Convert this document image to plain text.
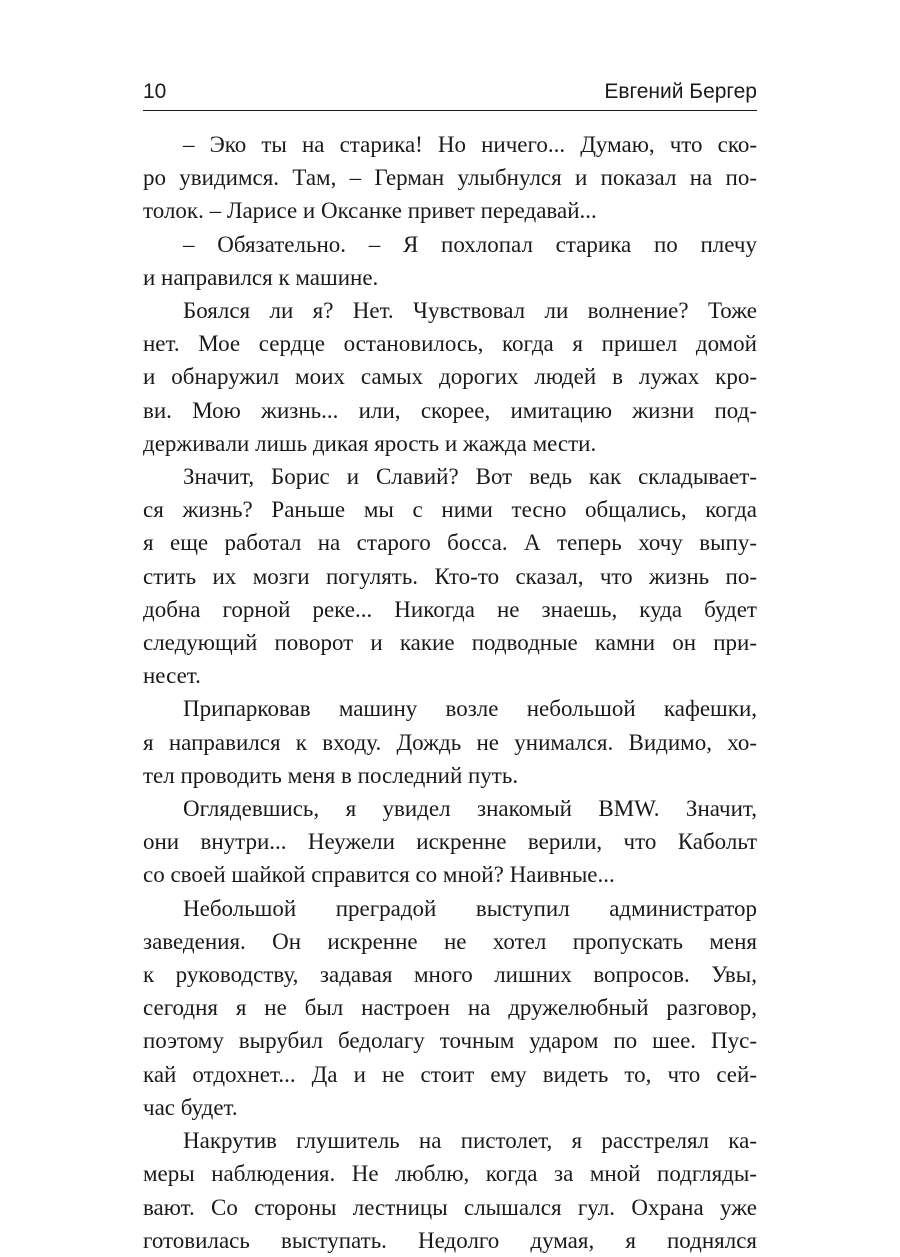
10	Евгений Бергер

– Эко ты на старика! Но ничего... Думаю, что ско-
ро увидимся. Там, – Герман улыбнулся и показал на по-
толок. – Ларисе и Оксанке привет передавай...

– Обязательно. – Я похлопал старика по плечу
и направился к машине.

Боялся ли я? Нет. Чувствовал ли волнение? Тоже
нет. Мое сердце остановилось, когда я пришел домой
и обнаружил моих самых дорогих людей в лужах кро-
ви. Мою жизнь... или, скорее, имитацию жизни под-
держивали лишь дикая ярость и жажда мести.

Значит, Борис и Славий? Вот ведь как складывает-
ся жизнь? Раньше мы с ними тесно общались, когда
я еще работал на старого босса. А теперь хочу выпу-
стить их мозги погулять. Кто-то сказал, что жизнь по-
добна горной реке... Никогда не знаешь, куда будет
следующий поворот и какие подводные камни он при-
несет.

Припарковав машину возле небольшой кафешки,
я направился к входу. Дождь не унимался. Видимо, хо-
тел проводить меня в последний путь.

Оглядевшись, я увидел знакомый BMW. Значит,
они внутри... Неужели искренне верили, что Кабольт
со своей шайкой справится со мной? Наивные...

Небольшой преградой выступил администратор
заведения. Он искренне не хотел пропускать меня
к руководству, задавая много лишних вопросов. Увы,
сегодня я не был настроен на дружелюбный разговор,
поэтому вырубил бедолагу точным ударом по шее. Пус-
кай отдохнет... Да и не стоит ему видеть то, что сей-
час будет.

Накрутив глушитель на пистолет, я расстрелял ка-
меры наблюдения. Не люблю, когда за мной подгляды-
вают. Со стороны лестницы слышался гул. Охрана уже
готовилась выступать. Недолго думая, я поднялся
